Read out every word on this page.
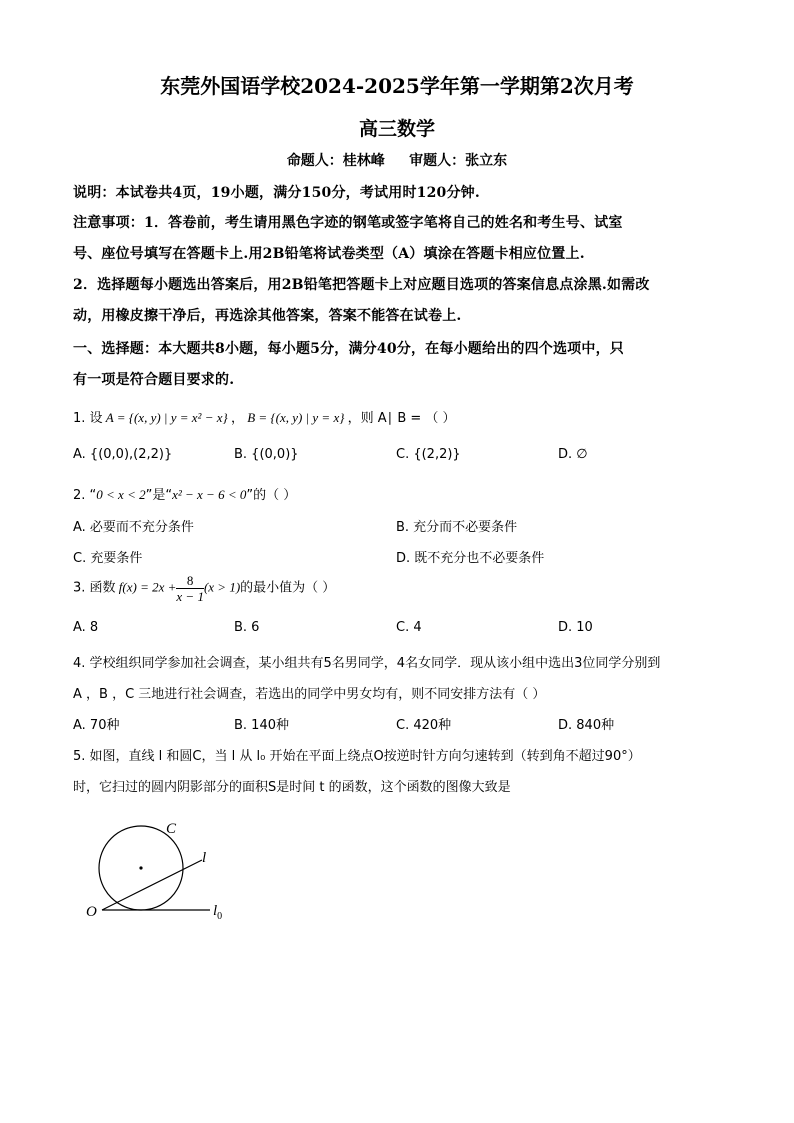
东莞外国语学校2024-2025学年第一学期第2次月考
高三数学
命题人：桂林峰     审题人：张立东
说明：本试卷共4页，19小题，满分150分，考试用时120分钟.
注意事项：1．答卷前，考生请用黑色字迹的钢笔或签字笔将自己的姓名和考生号、试室
号、座位号填写在答题卡上.用2B铅笔将试卷类型（A）填涂在答题卡相应位置上.
2．选择题每小题选出答案后，用2B铅笔把答题卡上对应题目选项的答案信息点涂黑.如需改
动，用橡皮擦干净后，再选涂其他答案，答案不能答在试卷上.
一、选择题：本大题共8小题，每小题5分，满分40分，在每小题给出的四个选项中，只
有一项是符合题目要求的.
1. 设 A = {(x, y) | y = x² − x} ， B = {(x, y) | y = x} ，则 A∣ B = （ ）
A. {(0,0),(2,2)}	B. {(0,0)}	C. {(2,2)}	D. ∅
2. “0 < x < 2”是“x² − x − 6 < 0”的（ ）
A. 必要而不充分条件	B. 充分而不必要条件
C. 充要条件	D. 既不充分也不必要条件
3. 函数 $f(x) = 2x + \frac{8}{x - 1} (x > 1)$的最小值为（ ）
A. 8	B. 6	C. 4	D. 10
4. 学校组织同学参加社会调查，某小组共有5名男同学，4名女同学．现从该小组中选出3位同学分别到
A ，B ，C 三地进行社会调查，若选出的同学中男女均有，则不同安排方法有（ ）
A. 70种	B. 140种	C. 420种	D. 840种
5. 如图，直线 l 和圆C，当 l 从 l₀ 开始在平面上绕点O按逆时针方向匀速转到（转到角不超过90°）
时，它扫过的圆内阴影部分的面积S是时间 t 的函数，这个函数的图像大致是
C
l
O	$l_0$
